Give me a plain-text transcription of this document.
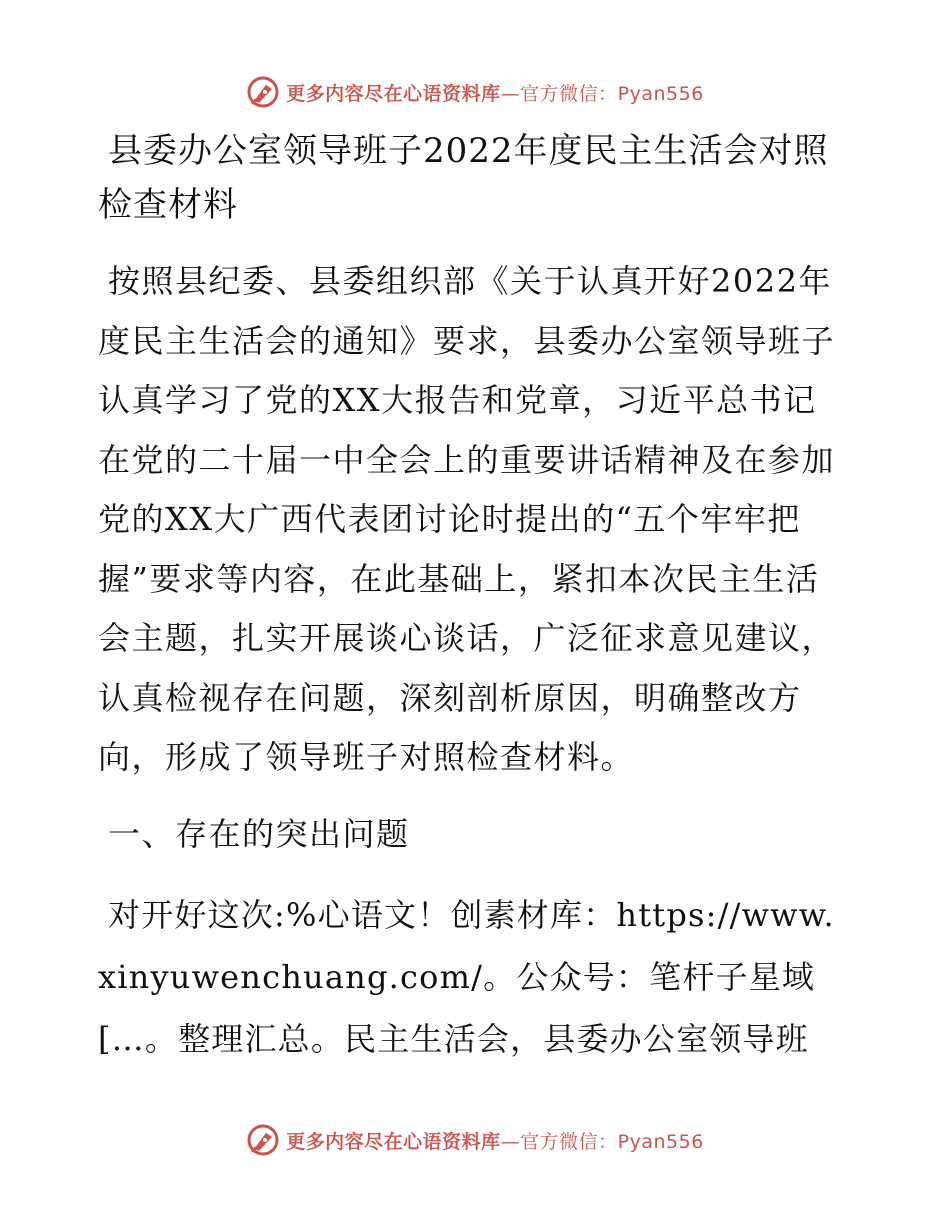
更多内容尽在心语资料库—官方微信：Pyan556
县委办公室领导班子2022年度民主生活会对照检查材料

按照县纪委、县委组织部《关于认真开好2022年度民主生活会的通知》要求，县委办公室领导班子认真学习了党的XX大报告和党章，习近平总书记在党的二十届一中全会上的重要讲话精神及在参加党的XX大广西代表团讨论时提出的“五个牢牢把握”要求等内容，在此基础上，紧扣本次民主生活会主题，扎实开展谈心谈话，广泛征求意见建议，认真检视存在问题，深刻剖析原因，明确整改方向，形成了领导班子对照检查材料。

一、存在的突出问题

对开好这次:%心语文！创素材库：https://www.xinyuwenchuang.com/。公众号：笔杆子星域[…。整理汇总。民主生活会，县委办公室领导班

更多内容尽在心语资料库—官方微信：Pyan556
